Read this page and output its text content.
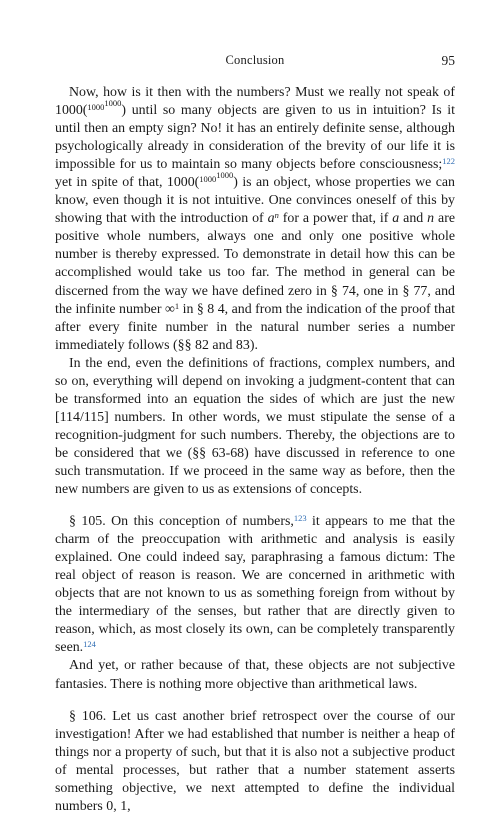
Conclusion	95

Now, how is it then with the numbers? Must we really not speak of 1000($^{1000^{1000}}$) until so many objects are given to us in intuition? Is it until then an empty sign? No! it has an entirely definite sense, although psychologically already in consideration of the brevity of our life it is impossible for us to maintain so many objects before consciousness;$^{122}$ yet in spite of that, 1000($^{1000^{1000}}$) is an object, whose properties we can know, even though it is not intuitive. One convinces oneself of this by showing that with the introduction of $a^n$ for a power that, if a and n are positive whole numbers, always one and only one positive whole number is thereby expressed. To demonstrate in detail how this can be accomplished would take us too far. The method in general can be discerned from the way we have defined zero in § 74, one in § 77, and the infinite number ∞$^1$ in § 8 4, and from the indication of the proof that after every finite number in the natural number series a number immediately follows (§§ 82 and 83).

In the end, even the definitions of fractions, complex numbers, and so on, everything will depend on invoking a judgment-content that can be transformed into an equation the sides of which are just the new [114/115] numbers. In other words, we must stipulate the sense of a recognition-judgment for such numbers. Thereby, the objections are to be considered that we (§§ 63-68) have discussed in reference to one such transmutation. If we proceed in the same way as before, then the new numbers are given to us as extensions of concepts.

§ 105. On this conception of numbers,$^{123}$ it appears to me that the charm of the preoccupation with arithmetic and analysis is easily explained. One could indeed say, paraphrasing a famous dictum: The real object of reason is reason. We are concerned in arithmetic with objects that are not known to us as something foreign from without by the intermediary of the senses, but rather that are directly given to reason, which, as most closely its own, can be completely transparently seen.$^{124}$

And yet, or rather because of that, these objects are not subjective fantasies. There is nothing more objective than arithmetical laws.

§ 106. Let us cast another brief retrospect over the course of our investigation! After we had established that number is neither a heap of things nor a property of such, but that it is also not a subjective product of mental processes, but rather that a number statement asserts something objective, we next attempted to define the individual numbers 0, 1,
